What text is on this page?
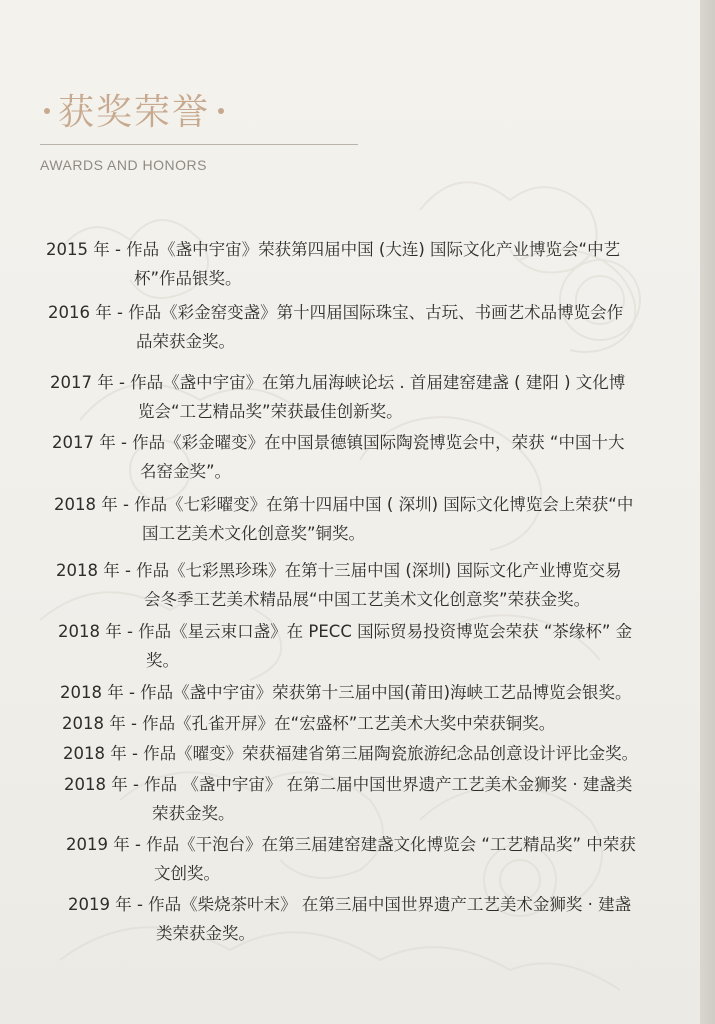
获奖荣誉
AWARDS AND HONORS
2015 年 - 作品《盏中宇宙》荣获第四届中国 (大连) 国际文化产业博览会“中艺
杯”作品银奖。
2016 年 - 作品《彩金窑变盏》第十四届国际珠宝、古玩、书画艺术品博览会作
品荣获金奖。
2017 年 - 作品《盏中宇宙》在第九届海峡论坛 . 首届建窑建盏 ( 建阳 ) 文化博
览会“工艺精品奖”荣获最佳创新奖。
2017 年 - 作品《彩金曜变》在中国景德镇国际陶瓷博览会中，荣获 “中国十大
名窑金奖”。
2018 年 - 作品《七彩曜变》在第十四届中国 ( 深圳) 国际文化博览会上荣获“中
国工艺美术文化创意奖”铜奖。
2018 年 - 作品《七彩黑珍珠》在第十三届中国 (深圳) 国际文化产业博览交易
会冬季工艺美术精品展“中国工艺美术文化创意奖”荣获金奖。
2018 年 - 作品《星云束口盏》在 PECC 国际贸易投资博览会荣获 “茶缘杯” 金
奖。
2018 年 - 作品《盏中宇宙》荣获第十三届中国(莆田)海峡工艺品博览会银奖。
2018 年 - 作品《孔雀开屏》在“宏盛杯”工艺美术大奖中荣获铜奖。
2018 年 - 作品《曜变》荣获福建省第三届陶瓷旅游纪念品创意设计评比金奖。
2018 年 - 作品 《盏中宇宙》 在第二届中国世界遗产工艺美术金狮奖 · 建盏类
荣获金奖。
2019 年 - 作品《干泡台》在第三届建窑建盏文化博览会 “工艺精品奖” 中荣获
文创奖。
2019 年 - 作品《柴烧茶叶末》 在第三届中国世界遗产工艺美术金狮奖 · 建盏
类荣获金奖。
